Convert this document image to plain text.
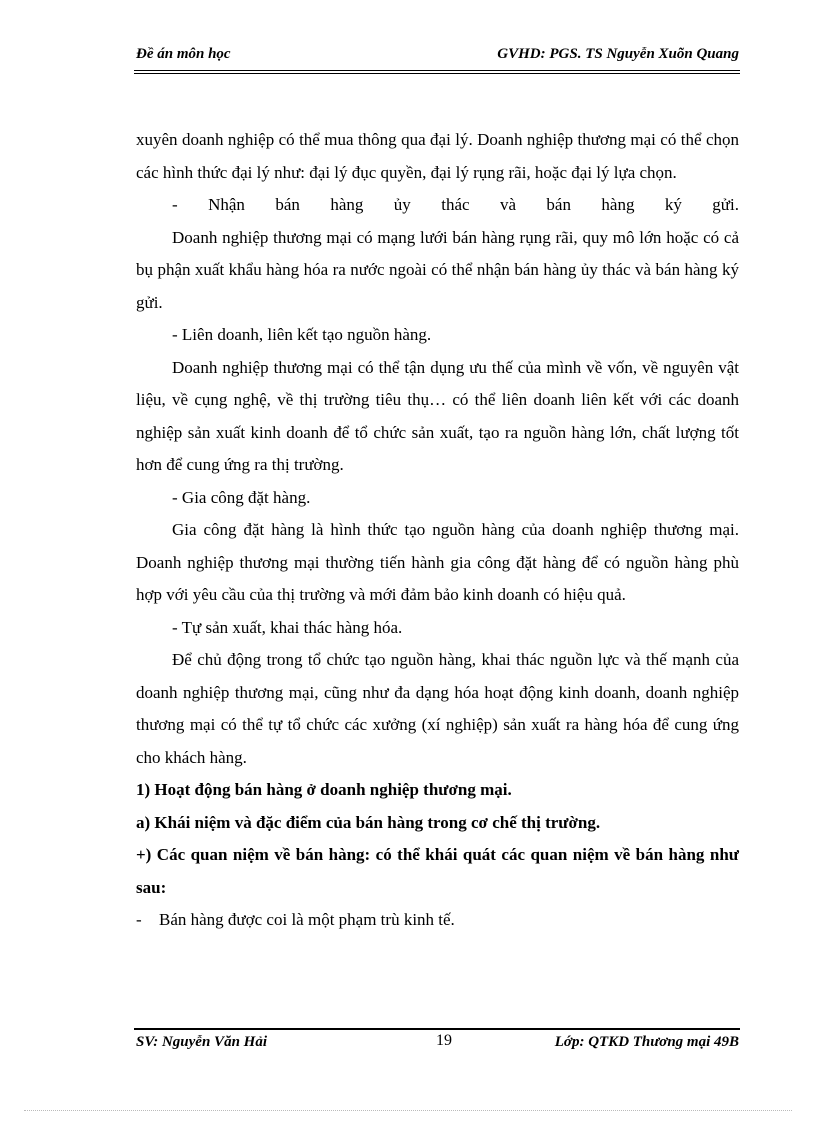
Đề án môn học	GVHD: PGS. TS Nguyễn Xuõn Quang

xuyên doanh nghiệp có thể mua thông qua đại lý. Doanh nghiệp thương mại có thể chọn các hình thức đại lý như: đại lý đục quyền, đại lý rụng rãi, hoặc đại lý lựa chọn.

- Nhận bán hàng ủy thác và bán hàng ký gửi.

Doanh nghiệp thương mại có mạng lưới bán hàng rụng rãi, quy mô lớn hoặc có cả bụ phận xuất khẩu hàng hóa ra nước ngoài có thể nhận bán hàng ủy thác và bán hàng ký gửi.

- Liên doanh, liên kết tạo nguồn hàng.

Doanh nghiệp thương mại có thể tận dụng ưu thế của mình về vốn, về nguyên vật liệu, về cụng nghệ, về thị trường tiêu thụ… có thể liên doanh liên kết với các doanh nghiệp sản xuất kinh doanh để tổ chức sản xuất, tạo ra nguồn hàng lớn, chất lượng tốt hơn để cung ứng ra thị trường.

- Gia công đặt hàng.

Gia công đặt hàng là hình thức tạo nguồn hàng của doanh nghiệp thương mại. Doanh nghiệp thương mại thường tiến hành gia công đặt hàng để có nguồn hàng phù hợp với yêu cầu của thị trường và mới đảm bảo kinh doanh có hiệu quả.

- Tự sản xuất, khai thác hàng hóa.

Để chủ động trong tổ chức tạo nguồn hàng, khai thác nguồn lực và thế mạnh của doanh nghiệp thương mại, cũng như đa dạng hóa hoạt động kinh doanh, doanh nghiệp thương mại có thể tự tổ chức các xưởng (xí nghiệp) sản xuất ra hàng hóa để cung ứng cho khách hàng.

1) Hoạt động bán hàng ở doanh nghiệp thương mại.

a) Khái niệm và đặc điểm của bán hàng trong cơ chế thị trường.

+) Các quan niệm về bán hàng: có thể khái quát các quan niệm về bán hàng như sau:

- Bán hàng được coi là một phạm trù kinh tế.

SV: Nguyễn Văn Hải	19	Lớp: QTKD Thương mại 49B
